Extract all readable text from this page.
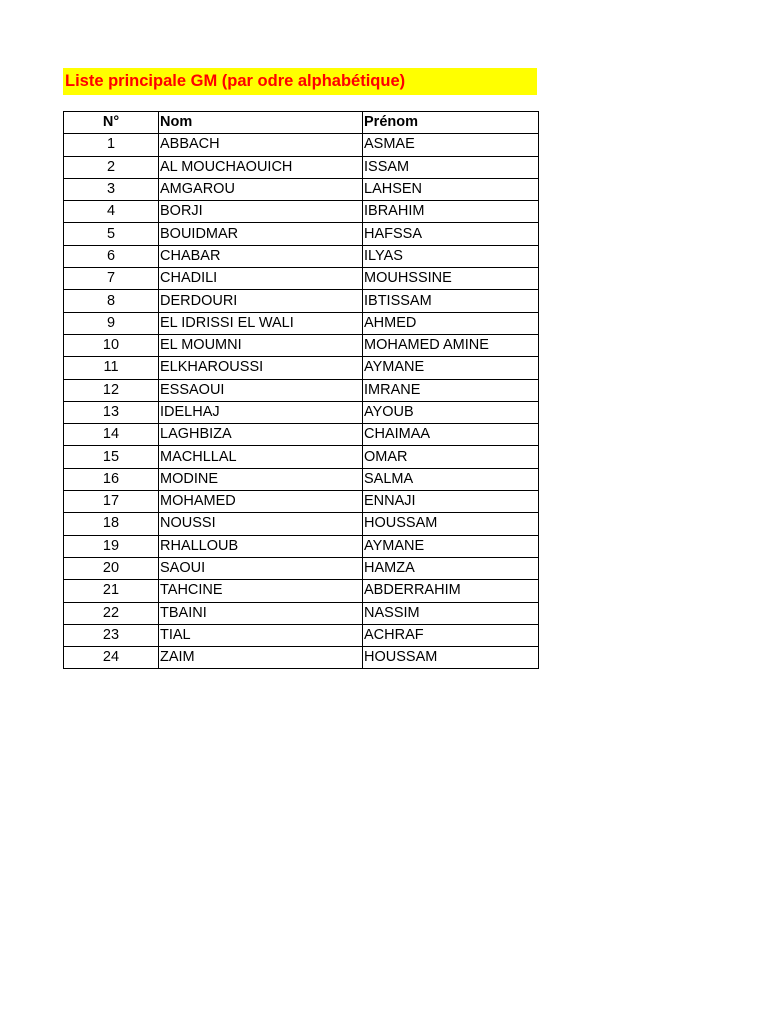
Liste principale GM (par odre alphabétique)
N°	Nom	Prénom
1	ABBACH	ASMAE
2	AL MOUCHAOUICH	ISSAM
3	AMGAROU	LAHSEN
4	BORJI	IBRAHIM
5	BOUIDMAR	HAFSSA
6	CHABAR	ILYAS
7	CHADILI	MOUHSSINE
8	DERDOURI	IBTISSAM
9	EL IDRISSI EL WALI	AHMED
10	EL MOUMNI	MOHAMED AMINE
11	ELKHAROUSSI	AYMANE
12	ESSAOUI	IMRANE
13	IDELHAJ	AYOUB
14	LAGHBIZA	CHAIMAA
15	MACHLLAL	OMAR
16	MODINE	SALMA
17	MOHAMED	ENNAJI
18	NOUSSI	HOUSSAM
19	RHALLOUB	AYMANE
20	SAOUI	HAMZA
21	TAHCINE	ABDERRAHIM
22	TBAINI	NASSIM
23	TIAL	ACHRAF
24	ZAIM	HOUSSAM
